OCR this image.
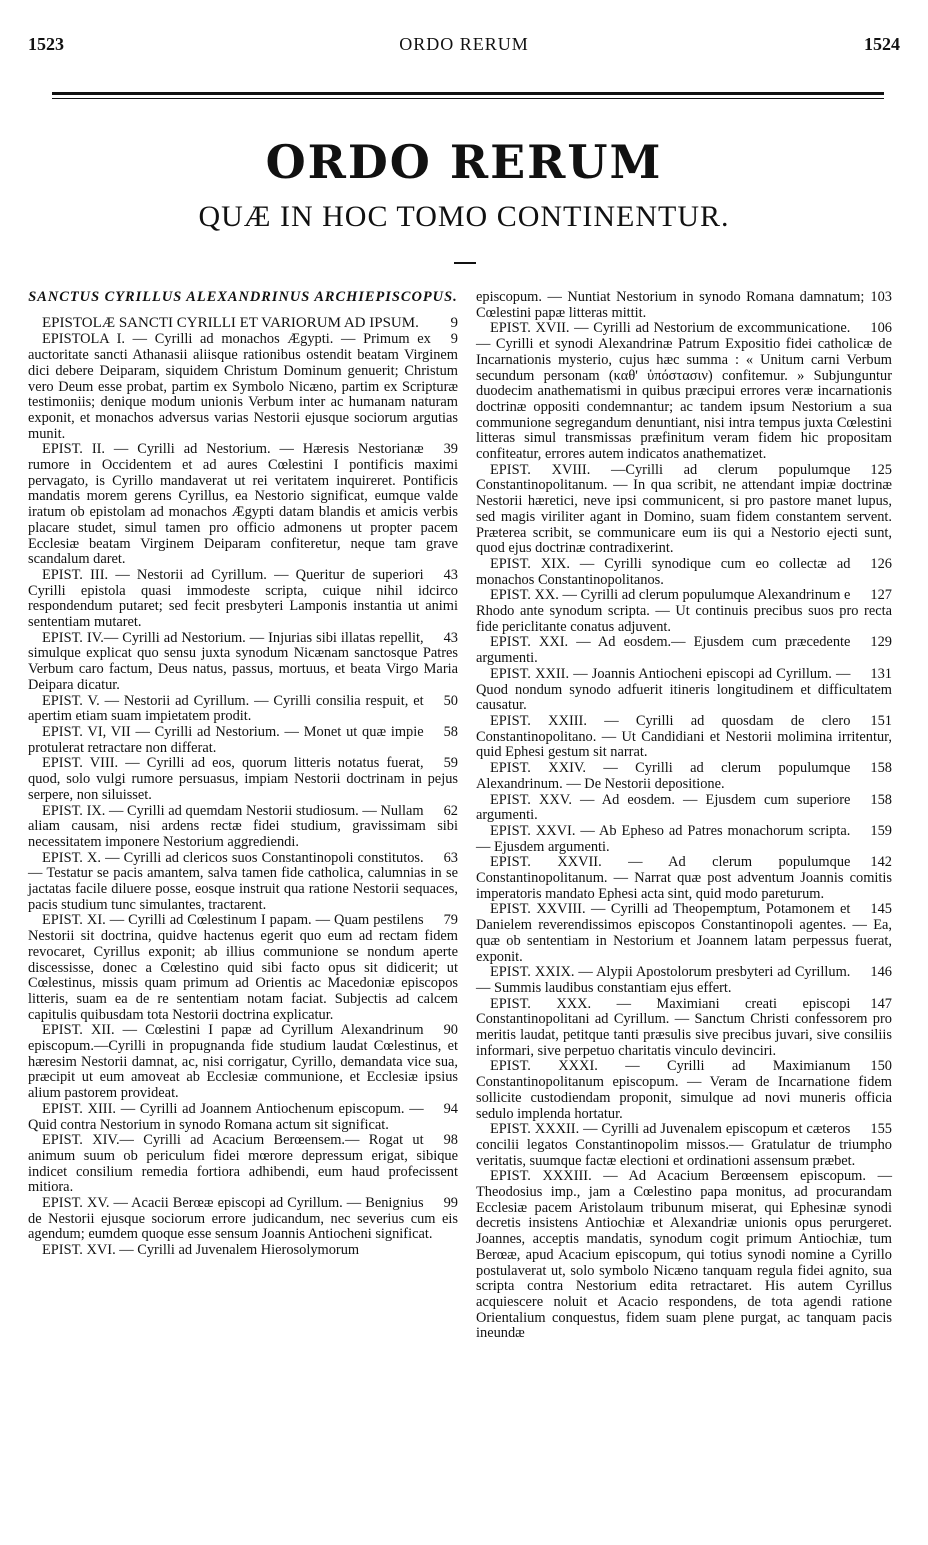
1523	ORDO RERUM	1524
ORDO RERUM
QUÆ IN HOC TOMO CONTINENTUR.

SANCTUS CYRILLUS ALEXANDRINUS ARCHIEPISCOPUS.

9
EPISTOLÆ SANCTI CYRILLI ET VARIORUM AD IPSUM.

9
EPISTOLA I. — Cyrilli ad monachos Ægypti. — Primum ex auctoritate sancti Athanasii aliisque rationibus ostendit beatam Virginem dici debere Deiparam, siquidem Christum Dominum genuerit; Christum vero Deum esse probat, partim ex Symbolo Nicæno, partim ex Scripturæ testimoniis; denique modum unionis Verbum inter ac humanam naturam exponit, et monachos adversus varias Nestorii ejusque sociorum argutias munit.

39
EPIST. II. — Cyrilli ad Nestorium. — Hæresis Nestorianæ rumore in Occidentem et ad aures Cœlestini I pontificis maximi pervagato, is Cyrillo mandaverat ut rei veritatem inquireret. Pontificis mandatis morem gerens Cyrillus, ea Nestorio significat, eumque valde iratum ob epistolam ad monachos Ægypti datam blandis et amicis verbis placare studet, simul tamen pro officio admonens ut propter pacem Ecclesiæ beatam Virginem Deiparam confiteretur, neque tam grave scandalum daret.

43
EPIST. III. — Nestorii ad Cyrillum. — Queritur de superiori Cyrilli epistola quasi immodeste scripta, cuique nihil idcirco respondendum putaret; sed fecit presbyteri Lamponis instantia ut animi sententiam mutaret.

43
EPIST. IV.— Cyrilli ad Nestorium. — Injurias sibi illatas repellit, simulque explicat quo sensu juxta synodum Nicænam sanctosque Patres Verbum caro factum, Deus natus, passus, mortuus, et beata Virgo Maria Deipara dicatur.

50
EPIST. V. — Nestorii ad Cyrillum. — Cyrilli consilia respuit, et apertim etiam suam impietatem prodit.

58
EPIST. VI, VII — Cyrilli ad Nestorium. — Monet ut quæ impie protulerat retractare non differat.

59
EPIST. VIII. — Cyrilli ad eos, quorum litteris notatus fuerat, quod, solo vulgi rumore persuasus, impiam Nestorii doctrinam in pejus serpere, non siluisset.

62
EPIST. IX. — Cyrilli ad quemdam Nestorii studiosum. — Nullam aliam causam, nisi ardens rectæ fidei studium, gravissimam sibi necessitatem imponere Nestorium aggrediendi.

63
EPIST. X. — Cyrilli ad clericos suos Constantinopoli constitutos. — Testatur se pacis amantem, salva tamen fide catholica, calumnias in se jactatas facile diluere posse, eosque instruit qua ratione Nestorii sequaces, pacis studium tunc simulantes, tractarent.

79
EPIST. XI. — Cyrilli ad Cœlestinum I papam. — Quam pestilens Nestorii sit doctrina, quidve hactenus egerit quo eum ad rectam fidem revocaret, Cyrillus exponit; ab illius communione se nondum aperte discessisse, donec a Cœlestino quid sibi facto opus sit didicerit; ut Cœlestinus, missis quam primum ad Orientis ac Macedoniæ episcopos litteris, suam ea de re sententiam notam faciat. Subjectis ad calcem capitulis quibusdam tota Nestorii doctrina explicatur.

90
EPIST. XII. — Cœlestini I papæ ad Cyrillum Alexandrinum episcopum.—Cyrilli in propugnanda fide studium laudat Cœlestinus, et hæresim Nestorii damnat, ac, nisi corrigatur, Cyrillo, demandata vice sua, præcipit ut eum amoveat ab Ecclesiæ communione, et Ecclesiæ ipsius alium pastorem provideat.

94
EPIST. XIII. — Cyrilli ad Joannem Antiochenum episcopum. — Quid contra Nestorium in synodo Romana actum sit significat.

98
EPIST. XIV.— Cyrilli ad Acacium Berœensem.— Rogat ut animum suum ob periculum fidei mœrore depressum erigat, sibique indicet consilium remedia fortiora adhibendi, eum haud profecissent mitiora.

99
EPIST. XV. — Acacii Berœæ episcopi ad Cyrillum. — Benignius de Nestorii ejusque sociorum errore judicandum, nec severius cum eis agendum; eumdem quoque esse sensum Joannis Antiocheni significat.

EPIST. XVI. — Cyrilli ad Juvenalem Hierosolymorum

103
episcopum. — Nuntiat Nestorium in synodo Romana damnatum; Cœlestini papæ litteras mittit.

106
EPIST. XVII. — Cyrilli ad Nestorium de excommunicatione. — Cyrilli et synodi Alexandrinæ Patrum Expositio fidei catholicæ de Incarnationis mysterio, cujus hæc summa : « Unitum carni Verbum secundum personam (καθ' ὑπόστασιν) confitemur. » Subjunguntur duodecim anathematismi in quibus præcipui errores veræ incarnationis doctrinæ oppositi condemnantur; ac tandem ipsum Nestorium a sua communione segregandum denuntiant, nisi intra tempus juxta Cœlestini litteras simul transmissas præfinitum veram fidem hic propositam confiteatur, errores autem indicatos anathematizet.

125
EPIST. XVIII. —Cyrilli ad clerum populumque Constantinopolitanum. — In qua scribit, ne attendant impiæ doctrinæ Nestorii hæretici, neve ipsi communicent, si pro pastore manet lupus, sed magis viriliter agant in Domino, suam fidem constantem servent. Præterea scribit, se communicare eum iis qui a Nestorio ejecti sunt, quod ejus doctrinæ contradixerint.

126
EPIST. XIX. — Cyrilli synodique cum eo collectæ ad monachos Constantinopolitanos.

127
EPIST. XX. — Cyrilli ad clerum populumque Alexandrinum e Rhodo ante synodum scripta. — Ut continuis precibus suos pro recta fide periclitante conatus adjuvent.

129
EPIST. XXI. — Ad eosdem.— Ejusdem cum præcedente argumenti.

131
EPIST. XXII. — Joannis Antiocheni episcopi ad Cyrillum. — Quod nondum synodo adfuerit itineris longitudinem et difficultatem causatur.

151
EPIST. XXIII. — Cyrilli ad quosdam de clero Constantinopolitano. — Ut Candidiani et Nestorii molimina irritentur, quid Ephesi gestum sit narrat.

158
EPIST. XXIV. — Cyrilli ad clerum populumque Alexandrinum. — De Nestorii depositione.

158
EPIST. XXV. — Ad eosdem. — Ejusdem cum superiore argumenti.

159
EPIST. XXVI. — Ab Epheso ad Patres monachorum scripta. — Ejusdem argumenti.

142
EPIST. XXVII. — Ad clerum populumque Constantinopolitanum. — Narrat quæ post adventum Joannis comitis imperatoris mandato Ephesi acta sint, quid modo pareturum.

145
EPIST. XXVIII. — Cyrilli ad Theopemptum, Potamonem et Danielem reverendissimos episcopos Constantinopoli agentes. — Ea, quæ ob sententiam in Nestorium et Joannem latam perpessus fuerat, exponit.

146
EPIST. XXIX. — Alypii Apostolorum presbyteri ad Cyrillum. — Summis laudibus constantiam ejus effert.

147
EPIST. XXX. — Maximiani creati episcopi Constantinopolitani ad Cyrillum. — Sanctum Christi confessorem pro meritis laudat, petitque tanti præsulis sive precibus juvari, sive consiliis informari, sive perpetuo charitatis vinculo devinciri.

150
EPIST. XXXI. — Cyrilli ad Maximianum Constantinopolitanum episcopum. — Veram de Incarnatione fidem sollicite custodiendam proponit, simulque ad novi muneris officia sedulo implenda hortatur.

155
EPIST. XXXII. — Cyrilli ad Juvenalem episcopum et cæteros concilii legatos Constantinopolim missos.— Gratulatur de triumpho veritatis, suumque factæ electioni et ordinationi assensum præbet.

EPIST. XXXIII. — Ad Acacium Berœensem episcopum. — Theodosius imp., jam a Cœlestino papa monitus, ad procurandam Ecclesiæ pacem Aristolaum tribunum miserat, qui Ephesinæ synodi decretis insistens Antiochiæ et Alexandriæ unionis opus perurgeret. Joannes, acceptis mandatis, synodum cogit primum Antiochiæ, tum Berœæ, apud Acacium episcopum, qui totius synodi nomine a Cyrillo postulaverat ut, solo symbolo Nicæno tanquam regula fidei agnito, sua scripta contra Nestorium edita retractaret. His autem Cyrillus acquiescere noluit et Acacio respondens, de tota agendi ratione Orientalium conquestus, fidem suam plene purgat, ac tanquam pacis ineundæ
